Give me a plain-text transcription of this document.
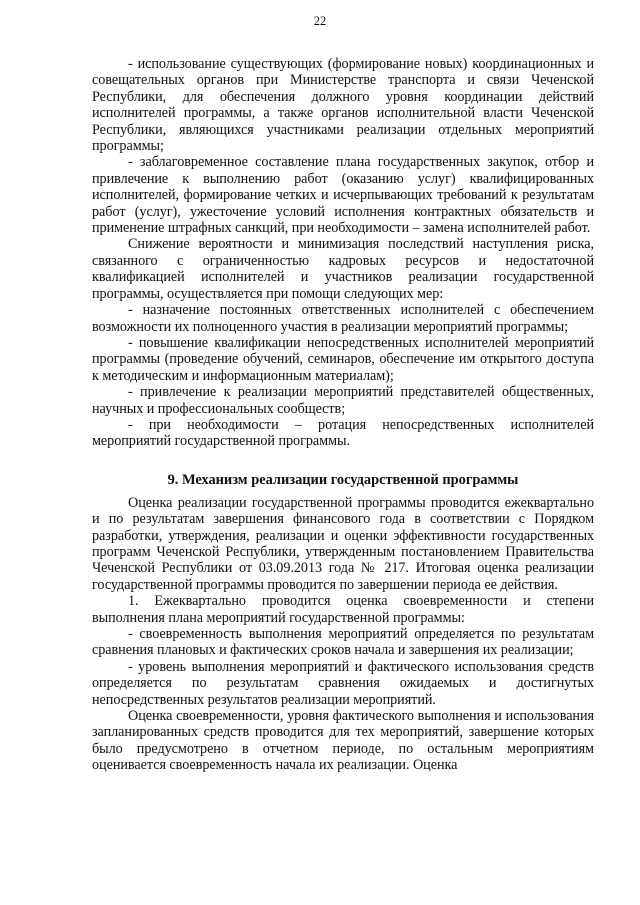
22

- использование существующих (формирование новых) координационных и совещательных органов при Министерстве транспорта и связи Чеченской Республики, для обеспечения должного уровня координации действий исполнителей программы, а также органов исполнительной власти Чеченской Республики, являющихся участниками реализации отдельных мероприятий программы;

- заблаговременное составление плана государственных закупок, отбор и привлечение к выполнению работ (оказанию услуг) квалифицированных исполнителей, формирование четких и исчерпывающих требований к результатам работ (услуг), ужесточение условий исполнения контрактных обязательств и применение штрафных санкций, при необходимости – замена исполнителей работ.

Снижение вероятности и минимизация последствий наступления риска, связанного с ограниченностью кадровых ресурсов и недостаточной квалификацией исполнителей и участников реализации государственной программы, осуществляется при помощи следующих мер:

- назначение постоянных ответственных исполнителей с обеспечением возможности их полноценного участия в реализации мероприятий программы;

- повышение квалификации непосредственных исполнителей мероприятий программы (проведение обучений, семинаров, обеспечение им открытого доступа к методическим и информационным материалам);

- привлечение к реализации мероприятий представителей общественных, научных и профессиональных сообществ;

- при необходимости – ротация непосредственных исполнителей мероприятий государственной программы.

9. Механизм реализации государственной программы

Оценка реализации государственной программы проводится ежеквартально и по результатам завершения финансового года в соответствии с Порядком разработки, утверждения, реализации и оценки эффективности государственных программ Чеченской Республики, утвержденным постановлением Правительства Чеченской Республики от 03.09.2013 года № 217. Итоговая оценка реализации государственной программы проводится по завершении периода ее действия.

1. Ежеквартально проводится оценка своевременности и степени выполнения плана мероприятий государственной программы:

- своевременность выполнения мероприятий определяется по результатам сравнения плановых и фактических сроков начала и завершения их реализации;

- уровень выполнения мероприятий и фактического использования средств определяется по результатам сравнения ожидаемых и достигнутых непосредственных результатов реализации мероприятий.

Оценка своевременности, уровня фактического выполнения и использования запланированных средств проводится для тех мероприятий, завершение которых было предусмотрено в отчетном периоде, по остальным мероприятиям оценивается своевременность начала их реализации. Оценка
